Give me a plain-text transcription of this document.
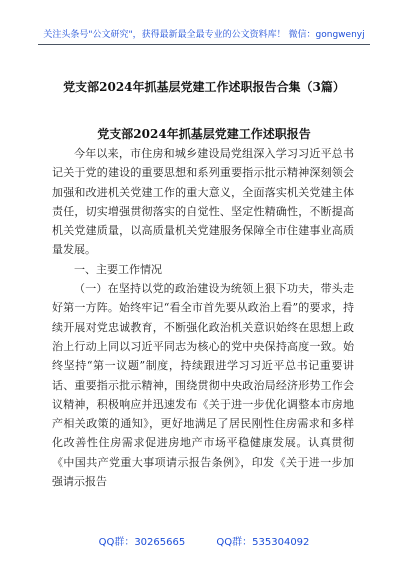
关注头条号"公文研究"，获得最新最全最专业的公文资料库！ 微信：gongwenyj
党支部2024年抓基层党建工作述职报告合集（3篇）
党支部2024年抓基层党建工作述职报告

今年以来，市住房和城乡建设局党组深入学习习近平总书记关于党的建设的重要思想和系列重要指示批示精神深刻领会加强和改进机关党建工作的重大意义，全面落实机关党建主体责任，切实增强贯彻落实的自觉性、坚定性精确性，不断提高机关党建质量，以高质量机关党建服务保障全市住建事业高质量发展。

一、主要工作情况

（一）在坚持以党的政治建设为统领上狠下功夫，带头走好第一方阵。始终牢记“看全市首先要从政治上看”的要求，持续开展对党忠诚教育，不断强化政治机关意识始终在思想上政治上行动上同以习近平同志为核心的党中央保持高度一致。始终坚持“第一议题”制度，持续跟进学习习近平总书记重要讲话、重要指示批示精神，围绕贯彻中央政治局经济形势工作会议精神，积极响应并迅速发布《关于进一步优化调整本市房地产相关政策的通知》，更好地满足了居民刚性住房需求和多样化改善性住房需求促进房地产市场平稳健康发展。认真贯彻《中国共产党重大事项请示报告条例》，印发《关于进一步加强请示报告

QQ群：30265665	QQ群：535304092
